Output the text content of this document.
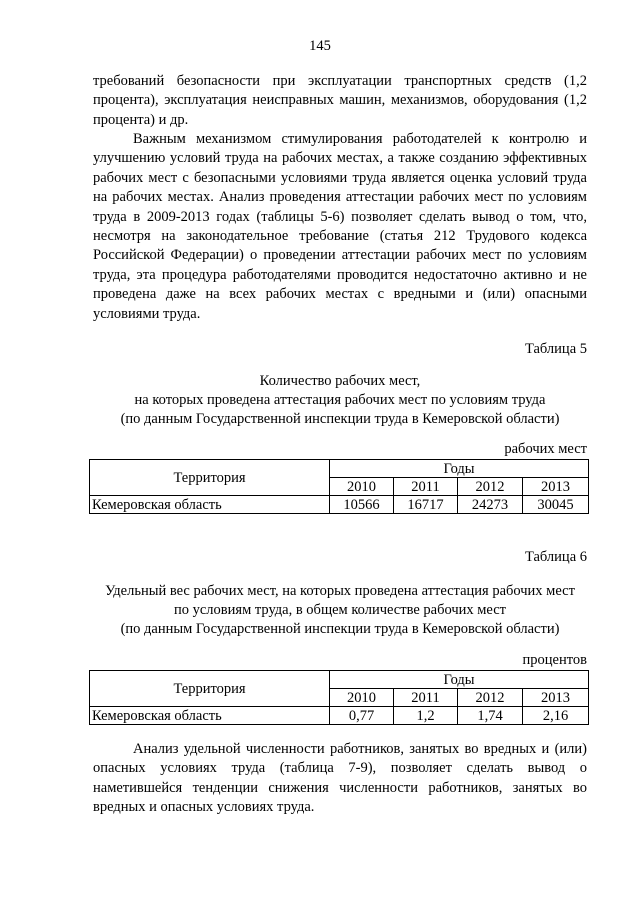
145

требований безопасности при эксплуатации транспортных средств (1,2 процента), эксплуатация неисправных машин, механизмов, оборудования (1,2 процента) и др.

Важным механизмом стимулирования работодателей к контролю и улучшению условий труда на рабочих местах, а также созданию эффективных рабочих мест с безопасными условиями труда является оценка условий труда на рабочих местах. Анализ проведения аттестации рабочих мест по условиям труда в 2009-2013 годах (таблицы 5-6) позволяет сделать вывод о том, что, несмотря на законодательное требование (статья 212 Трудового кодекса Российской Федерации) о проведении аттестации рабочих мест по условиям труда, эта процедура работодателями проводится недостаточно активно и не проведена даже на всех рабочих местах с вредными и (или) опасными условиями труда.

Таблица 5
Количество рабочих мест,
на которых проведена аттестация рабочих мест по условиям труда
(по данным Государственной инспекции труда в Кемеровской области)
рабочих мест
Территория	Годы			
	2010	2011	2012	2013
Кемеровская область	10566	16717	24273	30045
Таблица 6
Удельный вес рабочих мест, на которых проведена аттестация рабочих мест
по условиям труда, в общем количестве рабочих мест
(по данным Государственной инспекции труда в Кемеровской области)
процентов
Территория	Годы			
	2010	2011	2012	2013
Кемеровская область	0,77	1,2	1,74	2,16

Анализ удельной численности работников, занятых во вредных и (или) опасных условиях труда (таблица 7-9), позволяет сделать вывод о наметившейся тенденции снижения численности работников, занятых во вредных и опасных условиях труда.
